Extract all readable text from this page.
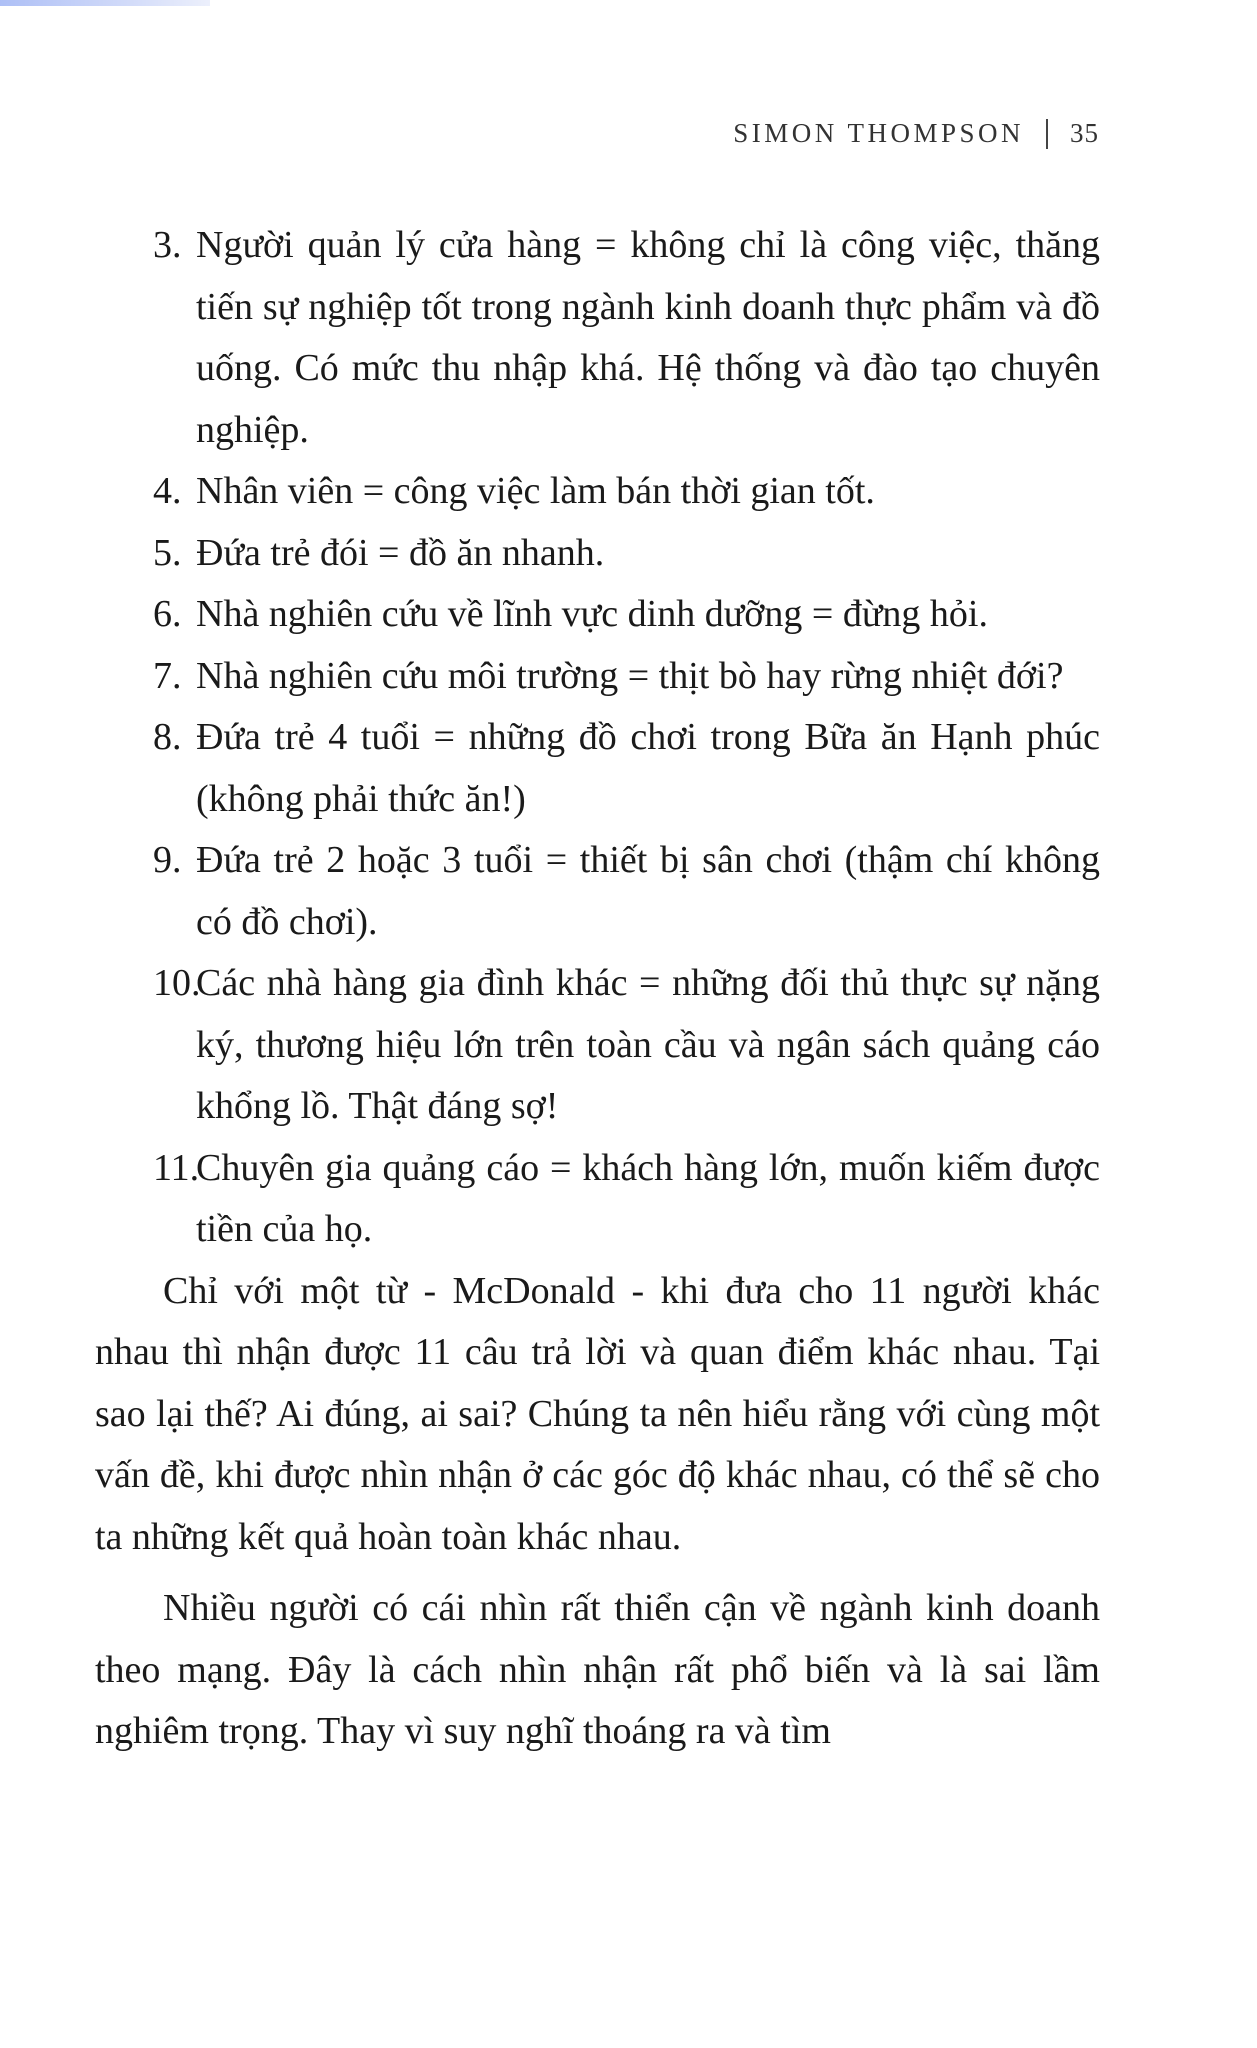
SIMON THOMPSON 35
3. Người quản lý cửa hàng = không chỉ là công việc, thăng tiến sự nghiệp tốt trong ngành kinh doanh thực phẩm và đồ uống. Có mức thu nhập khá. Hệ thống và đào tạo chuyên nghiệp.
4. Nhân viên = công việc làm bán thời gian tốt.
5. Đứa trẻ đói = đồ ăn nhanh.
6. Nhà nghiên cứu về lĩnh vực dinh dưỡng = đừng hỏi.
7. Nhà nghiên cứu môi trường = thịt bò hay rừng nhiệt đới?
8. Đứa trẻ 4 tuổi = những đồ chơi trong Bữa ăn Hạnh phúc (không phải thức ăn!)
9. Đứa trẻ 2 hoặc 3 tuổi = thiết bị sân chơi (thậm chí không có đồ chơi).
10.
Các nhà hàng gia đình khác = những đối thủ thực sự nặng ký, thương hiệu lớn trên toàn cầu và ngân sách quảng cáo khổng lồ. Thật đáng sợ!
11.
Chuyên gia quảng cáo = khách hàng lớn, muốn kiếm được tiền của họ.

Chỉ với một từ - McDonald - khi đưa cho 11 người khác nhau thì nhận được 11 câu trả lời và quan điểm khác nhau. Tại sao lại thế? Ai đúng, ai sai? Chúng ta nên hiểu rằng với cùng một vấn đề, khi được nhìn nhận ở các góc độ khác nhau, có thể sẽ cho ta những kết quả hoàn toàn khác nhau.

Nhiều người có cái nhìn rất thiển cận về ngành kinh doanh theo mạng. Đây là cách nhìn nhận rất phổ biến và là sai lầm nghiêm trọng. Thay vì suy nghĩ thoáng ra và tìm
